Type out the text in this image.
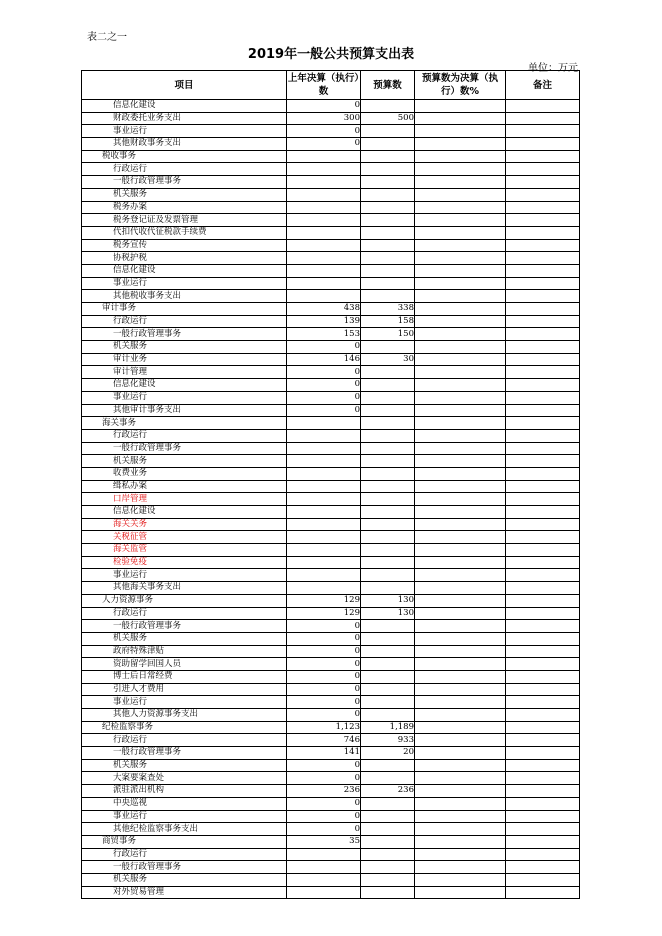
表二之一
2019年一般公共预算支出表
单位：万元
项目	上年决算（执行）数	预算数	预算数为决算（执行）数%	备注
信息化建设	0			
财政委托业务支出	300	500		
事业运行	0			
其他财政事务支出	0			
税收事务				
行政运行				
一般行政管理事务				
机关服务				
税务办案				
税务登记证及发票管理				
代扣代收代征税款手续费				
税务宣传				
协税护税				
信息化建设				
事业运行				
其他税收事务支出				
审计事务	438	338		
行政运行	139	158		
一般行政管理事务	153	150		
机关服务	0			
审计业务	146	30		
审计管理	0			
信息化建设	0			
事业运行	0			
其他审计事务支出	0			
海关事务				
行政运行				
一般行政管理事务				
机关服务				
收费业务				
缉私办案				
口岸管理				
信息化建设				
海关关务				
关税征管				
海关监管				
检验免疫				
事业运行				
其他海关事务支出				
人力资源事务	129	130		
行政运行	129	130		
一般行政管理事务	0			
机关服务	0			
政府特殊津贴	0			
资助留学回国人员	0			
博士后日常经费	0			
引进人才费用	0			
事业运行	0			
其他人力资源事务支出	0			
纪检监察事务	1,123	1,189		
行政运行	746	933		
一般行政管理事务	141	20		
机关服务	0			
大案要案查处	0			
派驻派出机构	236	236		
中央巡视	0			
事业运行	0			
其他纪检监察事务支出	0			
商贸事务	35			
行政运行				
一般行政管理事务				
机关服务				
对外贸易管理				
